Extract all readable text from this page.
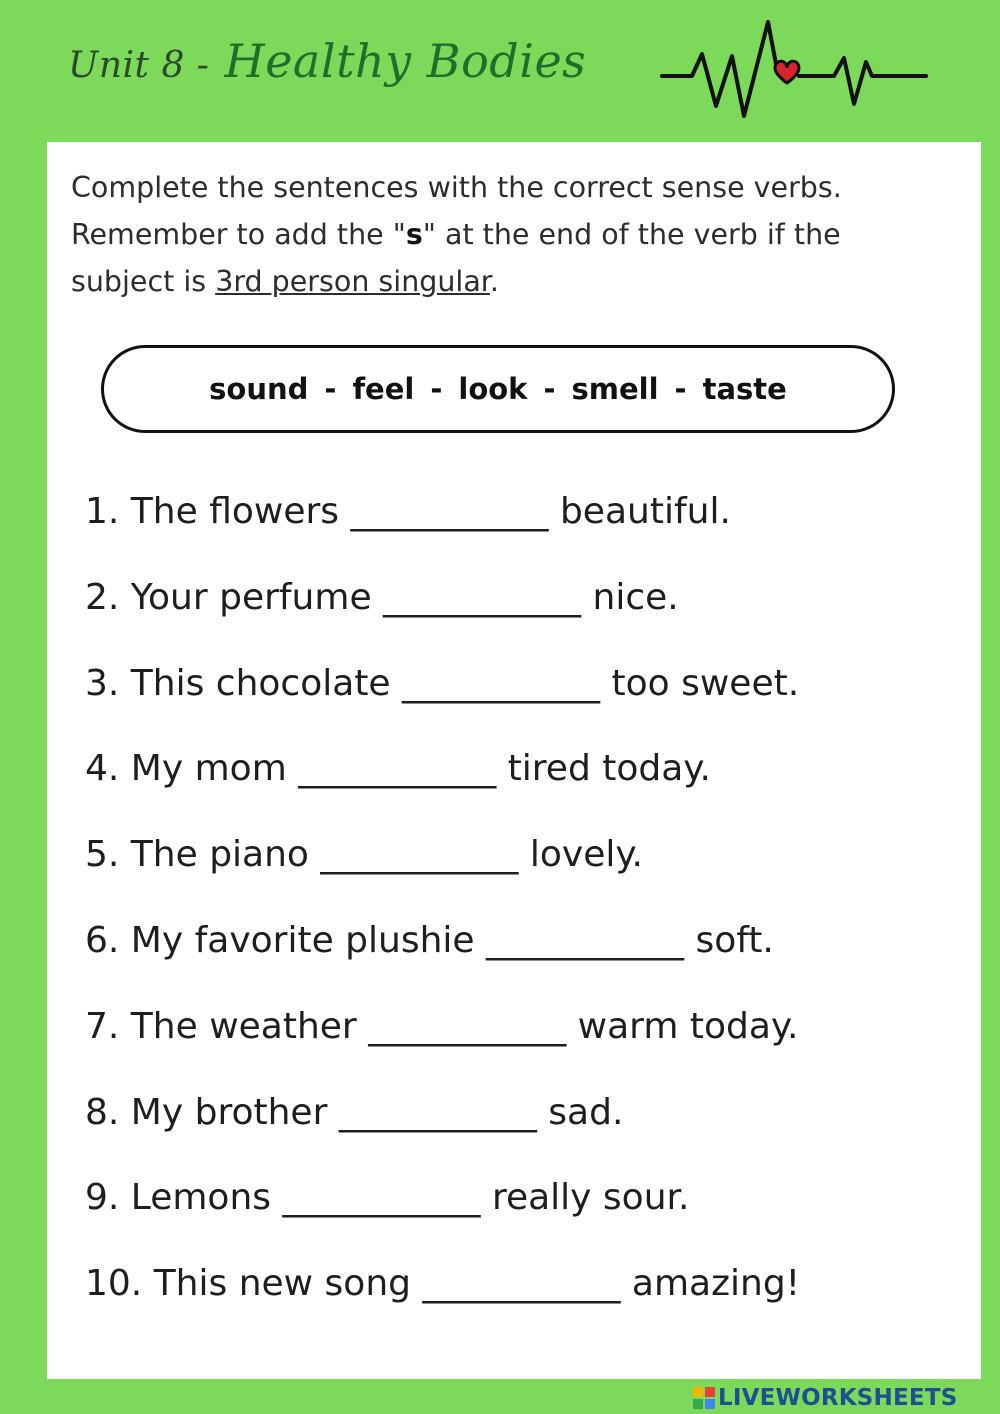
Unit 8 - Healthy Bodies
Complete the sentences with the correct sense verbs.
Remember to add the "s" at the end of the verb if the
subject is 3rd person singular.
sound - feel - look - smell - taste
1. The flowers ___________ beautiful.
2. Your perfume ___________ nice.
3. This chocolate ___________ too sweet.
4. My mom ___________ tired today.
5. The piano ___________ lovely.
6. My favorite plushie ___________ soft.
7. The weather ___________ warm today.
8. My brother ___________ sad.
9. Lemons ___________ really sour.
10. This new song ___________ amazing!
LIVEWORKSHEETS
